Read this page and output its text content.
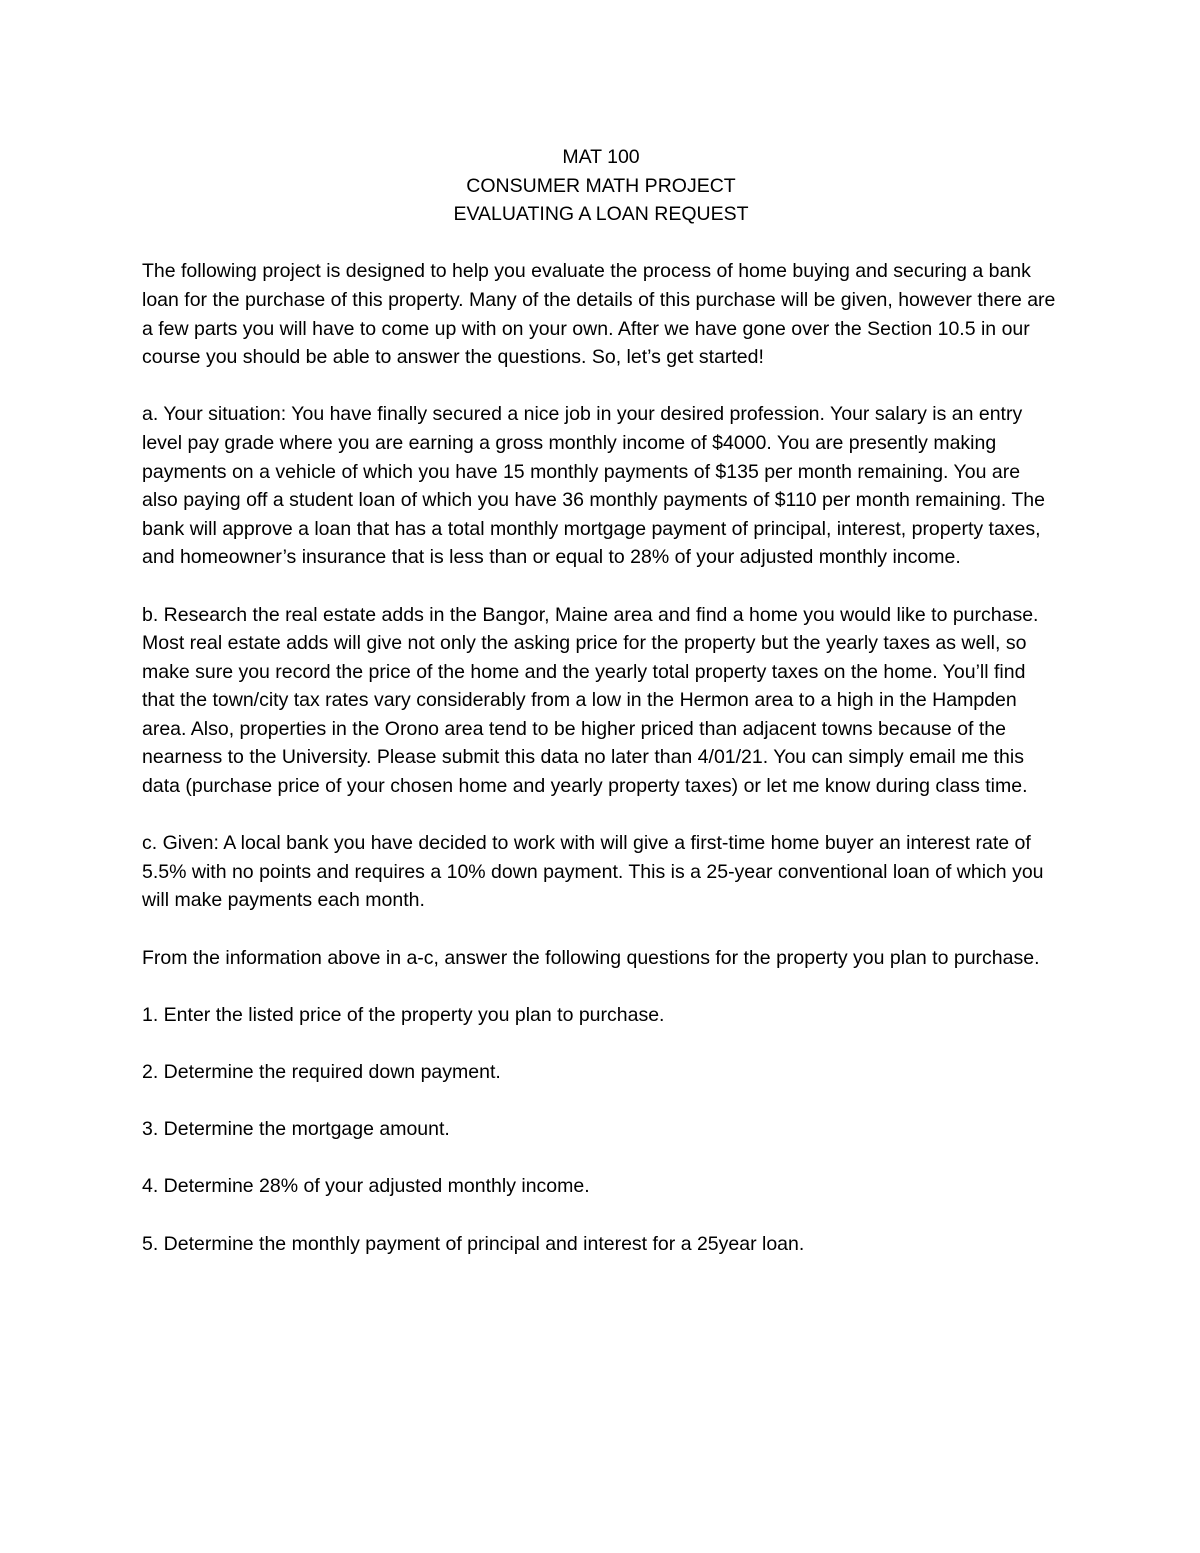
MAT 100
CONSUMER MATH PROJECT
EVALUATING A LOAN REQUEST

The following project is designed to help you evaluate the process of home buying and securing a bank loan for the purchase of this property. Many of the details of this purchase will be given, however there are a few parts you will have to come up with on your own. After we have gone over the Section 10.5 in our course you should be able to answer the questions. So, let’s get started!

a. Your situation: You have finally secured a nice job in your desired profession. Your salary is an entry level pay grade where you are earning a gross monthly income of $4000. You are presently making payments on a vehicle of which you have 15 monthly payments of $135 per month remaining. You are also paying off a student loan of which you have 36 monthly payments of $110 per month remaining. The bank will approve a loan that has a total monthly mortgage payment of principal, interest, property taxes, and homeowner’s insurance that is less than or equal to 28% of your adjusted monthly income.

b. Research the real estate adds in the Bangor, Maine area and find a home you would like to purchase. Most real estate adds will give not only the asking price for the property but the yearly taxes as well, so make sure you record the price of the home and the yearly total property taxes on the home. You’ll find that the town/city tax rates vary considerably from a low in the Hermon area to a high in the Hampden area. Also, properties in the Orono area tend to be higher priced than adjacent towns because of the nearness to the University. Please submit this data no later than 4/01/21. You can simply email me this data (purchase price of your chosen home and yearly property taxes) or let me know during class time.

c. Given: A local bank you have decided to work with will give a first-time home buyer an interest rate of 5.5% with no points and requires a 10% down payment. This is a 25-year conventional loan of which you will make payments each month.

From the information above in a-c, answer the following questions for the property you plan to purchase.

1. Enter the listed price of the property you plan to purchase.

2. Determine the required down payment.

3. Determine the mortgage amount.

4. Determine 28% of your adjusted monthly income.

5. Determine the monthly payment of principal and interest for a 25year loan.
